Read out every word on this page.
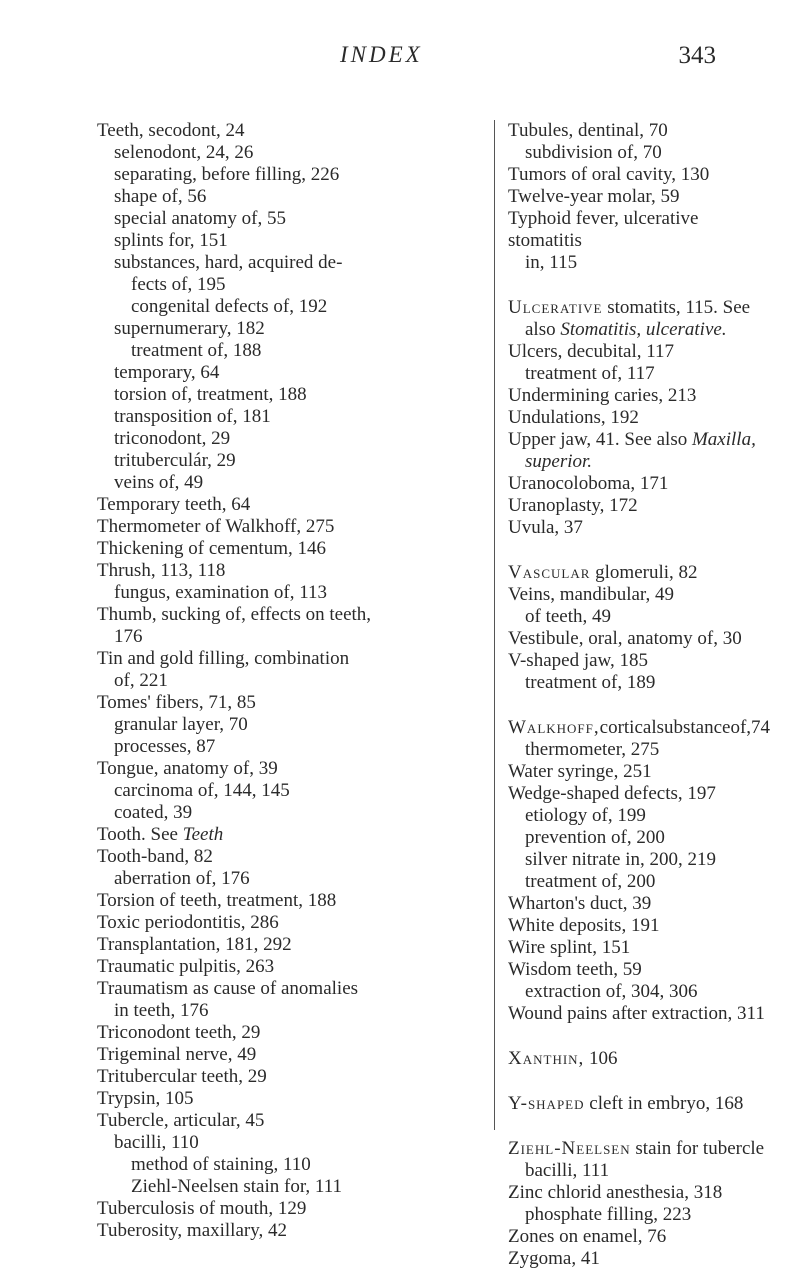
INDEX	343
Teeth, secodont, 24
selenodont, 24, 26
separating, before filling, 226
shape of, 56
special anatomy of, 55
splints for, 151
substances, hard, acquired de-
fects of, 195
congenital defects of, 192
supernumerary, 182
treatment of, 188
temporary, 64
torsion of, treatment, 188
transposition of, 181
triconodont, 29
trituberculár, 29
veins of, 49
Temporary teeth, 64
Thermometer of Walkhoff, 275
Thickening of cementum, 146
Thrush, 113, 118
fungus, examination of, 113
Thumb, sucking of, effects on teeth,
176
Tin and gold filling, combination
of, 221
Tomes' fibers, 71, 85
granular layer, 70
processes, 87
Tongue, anatomy of, 39
carcinoma of, 144, 145
coated, 39
Tooth. See Teeth
Tooth-band, 82
aberration of, 176
Torsion of teeth, treatment, 188
Toxic periodontitis, 286
Transplantation, 181, 292
Traumatic pulpitis, 263
Traumatism as cause of anomalies
in teeth, 176
Triconodont teeth, 29
Trigeminal nerve, 49
Tritubercular teeth, 29
Trypsin, 105
Tubercle, articular, 45
bacilli, 110
method of staining, 110
Ziehl-Neelsen stain for, 111
Tuberculosis of mouth, 129
Tuberosity, maxillary, 42
Tubules, dentinal, 70
subdivision of, 70
Tumors of oral cavity, 130
Twelve-year molar, 59
Typhoid fever, ulcerative stomatitis
in, 115
Ulcerative stomatits, 115. See
also Stomatitis, ulcerative.
Ulcers, decubital, 117
treatment of, 117
Undermining caries, 213
Undulations, 192
Upper jaw, 41. See also Maxilla,
superior.
Uranocoloboma, 171
Uranoplasty, 172
Uvula, 37
Vascular glomeruli, 82
Veins, mandibular, 49
of teeth, 49
Vestibule, oral, anatomy of, 30
V-shaped jaw, 185
treatment of, 189
Walkhoff,corticalsubstanceof,74
thermometer, 275
Water syringe, 251
Wedge-shaped defects, 197
etiology of, 199
prevention of, 200
silver nitrate in, 200, 219
treatment of, 200
Wharton's duct, 39
White deposits, 191
Wire splint, 151
Wisdom teeth, 59
extraction of, 304, 306
Wound pains after extraction, 311
Xanthin, 106
Y-shaped cleft in embryo, 168
Ziehl-Neelsen stain for tubercle
bacilli, 111
Zinc chlorid anesthesia, 318
phosphate filling, 223
Zones on enamel, 76
Zygoma, 41
